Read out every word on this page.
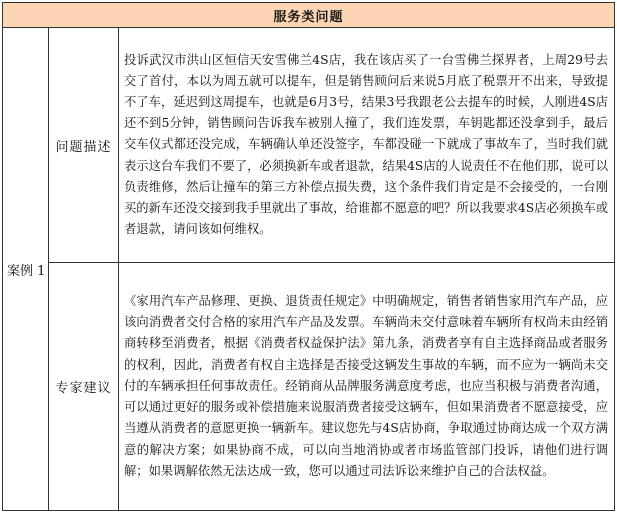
服务类问题		
案例 1	问题描述	投诉武汉市洪山区恒信天安雪佛兰4S店，我在该店买了一台雪佛兰探界者，上周29号去交了首付，本以为周五就可以提车，但是销售顾问后来说5月底了税票开不出来，导致提不了车，延迟到这周提车，也就是6月3号，结果3号我跟老公去提车的时候，人刚进4S店还不到5分钟，销售顾问告诉我车被别人撞了，我们连发票，车钥匙都还没拿到手，最后交车仪式都还没完成，车辆确认单还没签字，车都没碰一下就成了事故车了，当时我们就表示这台车我们不要了，必须换新车或者退款，结果4S店的人说责任不在他们那，说可以负责维修，然后让撞车的第三方补偿点损失费，这个条件我们肯定是不会接受的，一台刚买的新车还没交接到我手里就出了事故，给谁都不愿意的吧？所以我要求4S店必须换车或者退款，请问该如何维权。
	专家建议	《家用汽车产品修理、更换、退货责任规定》中明确规定，销售者销售家用汽车产品，应该向消费者交付合格的家用汽车产品及发票。车辆尚未交付意味着车辆所有权尚未由经销商转移至消费者，根据《消费者权益保护法》第九条，消费者享有自主选择商品或者服务的权利，因此，消费者有权自主选择是否接受这辆发生事故的车辆，而不应为一辆尚未交付的车辆承担任何事故责任。经销商从品牌服务满意度考虑，也应当积极与消费者沟通，可以通过更好的服务或补偿措施来说服消费者接受这辆车，但如果消费者不愿意接受，应当遵从消费者的意愿更换一辆新车。建议您先与4S店协商，争取通过协商达成一个双方满意的解决方案；如果协商不成，可以向当地消协或者市场监管部门投诉，请他们进行调解；如果调解依然无法达成一致，您可以通过司法诉讼来维护自己的合法权益。
